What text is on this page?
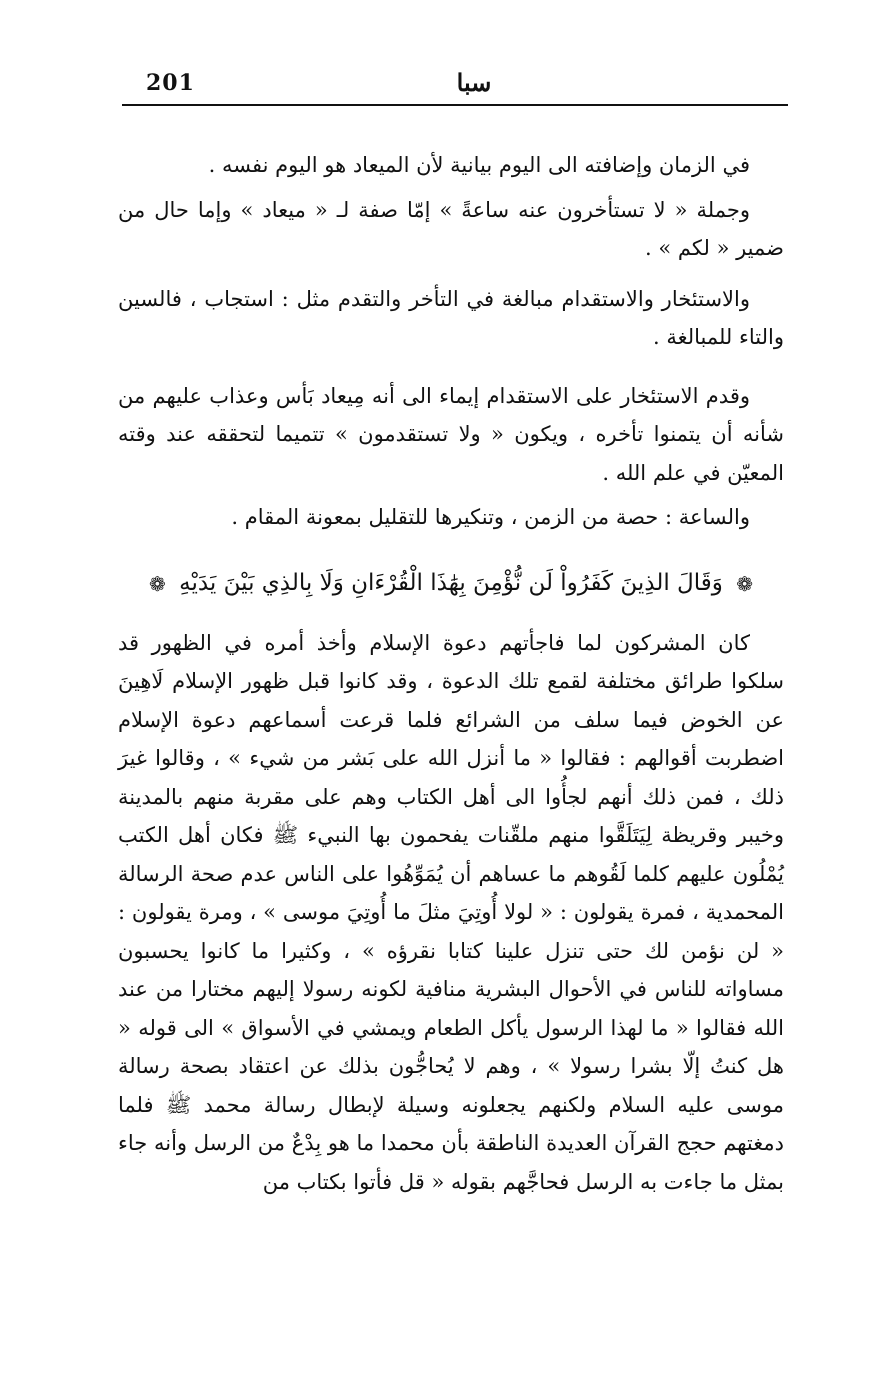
201	سبا

في الزمان وإضافته الى اليوم بيانية لأن الميعاد هو اليوم نفسه .

وجملة « لا تستأخرون عنه ساعةً » إمّا صفة لـ « ميعاد » وإما حال من ضمير « لكم » .

والاستئخار والاستقدام مبالغة في التأخر والتقدم مثل : استجاب ، فالسين والتاء للمبالغة .

وقدم الاستئخار على الاستقدام إيماء الى أنه مِيعاد بَأس وعذاب عليهم من شأنه أن يتمنوا تأخره ، ويكون « ولا تستقدمون » تتميما لتحققه عند وقته المعيّن في علم الله .

والساعة : حصة من الزمن ، وتنكيرها للتقليل بمعونة المقام .

❁ وَقَالَ الذِينَ كَفَرُواْ لَن نُّؤْمِنَ بِهَٰذَا الْقُرْءَانِ وَلَا بِالذِي بَيْنَ يَدَيْهِ ❁

كان المشركون لما فاجأتهم دعوة الإسلام وأخذ أمره في الظهور قد سلكوا طرائق مختلفة لقمع تلك الدعوة ، وقد كانوا قبل ظهور الإسلام لَاهِينَ عن الخوض فيما سلف من الشرائع فلما قرعت أسماعهم دعوة الإسلام اضطربت أقوالهم : فقالوا « ما أنزل الله على بَشر من شيء » ، وقالوا غيرَ ذلك ، فمن ذلك أنهم لجأُوا الى أهل الكتاب وهم على مقربة منهم بالمدينة وخيبر وقريظة لِيَتَلَقَّوا منهم ملقّنات يفحمون بها النبيء ﷺ فكان أهل الكتب يُمْلُون عليهم كلما لَقُوهم ما عساهم أن يُمَوِّهُوا على الناس عدم صحة الرسالة المحمدية ، فمرة يقولون : « لولا أُوتِيَ مثلَ ما أُوتِيَ موسى » ، ومرة يقولون : « لن نؤمن لك حتى تنزل علينا كتابا نقرؤه » ، وكثيرا ما كانوا يحسبون مساواته للناس في الأحوال البشرية منافية لكونه رسولا إليهم مختارا من عند الله فقالوا « ما لهذا الرسول يأكل الطعام ويمشي في الأسواق » الى قوله « هل كنتُ إلّا بشرا رسولا » ، وهم لا يُحاجُّون بذلك عن اعتقاد بصحة رسالة موسى عليه السلام ولكنهم يجعلونه وسيلة لإبطال رسالة محمد ﷺ فلما دمغتهم حجج القرآن العديدة الناطقة بأن محمدا ما هو بِدْعٌ من الرسل وأنه جاء بمثل ما جاءت به الرسل فحاجَّهم بقوله « قل فأتوا بكتاب من
